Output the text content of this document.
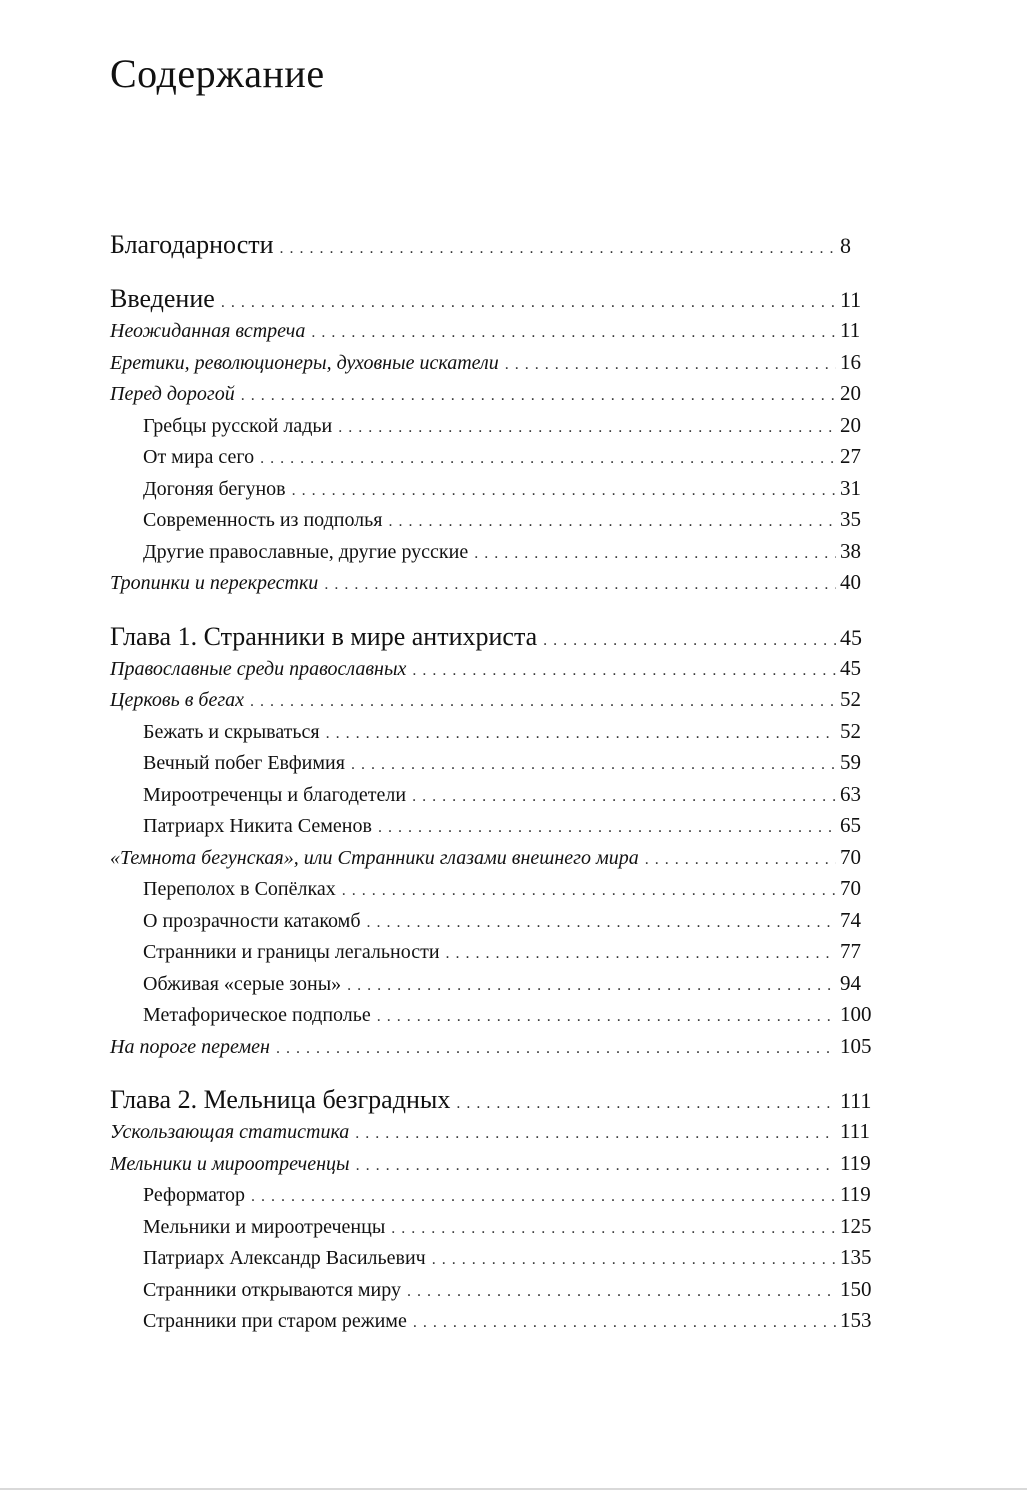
Содержание
Благодарности . . .	8
Введение . . .	11
Неожиданная встреча . . .	11
Еретики, революционеры, духовные искатели . . .	16
Перед дорогой . . .	20
Гребцы русской ладьи . . .	20
От мира сего . . .	27
Догоняя бегунов . . .	31
Современность из подполья . . .	35
Другие православные, другие русские . . .	38
Тропинки и перекрестки . . .	40
Глава 1. Странники в мире антихриста . . .	45
Православные среди православных . . .	45
Церковь в бегах . . .	52
Бежать и скрываться . . .	52
Вечный побег Евфимия . . .	59
Мироотреченцы и благодетели . . .	63
Патриарх Никита Семенов . . .	65
«Темнота бегунская», или Странники глазами внешнего мира . . .	70
Переполох в Сопёлках . . .	70
О прозрачности катакомб . . .	74
Странники и границы легальности . . .	77
Обживая «серые зоны» . . .	94
Метафорическое подполье . . .	100
На пороге перемен . . .	105
Глава 2. Мельница безградных . . .	111
Ускользающая статистика . . .	111
Мельники и мироотреченцы . . .	119
Реформатор . . .	119
Мельники и мироотреченцы . . .	125
Патриарх Александр Васильевич . . .	135
Странники открываются миру . . .	150
Странники при старом режиме . . .	153
